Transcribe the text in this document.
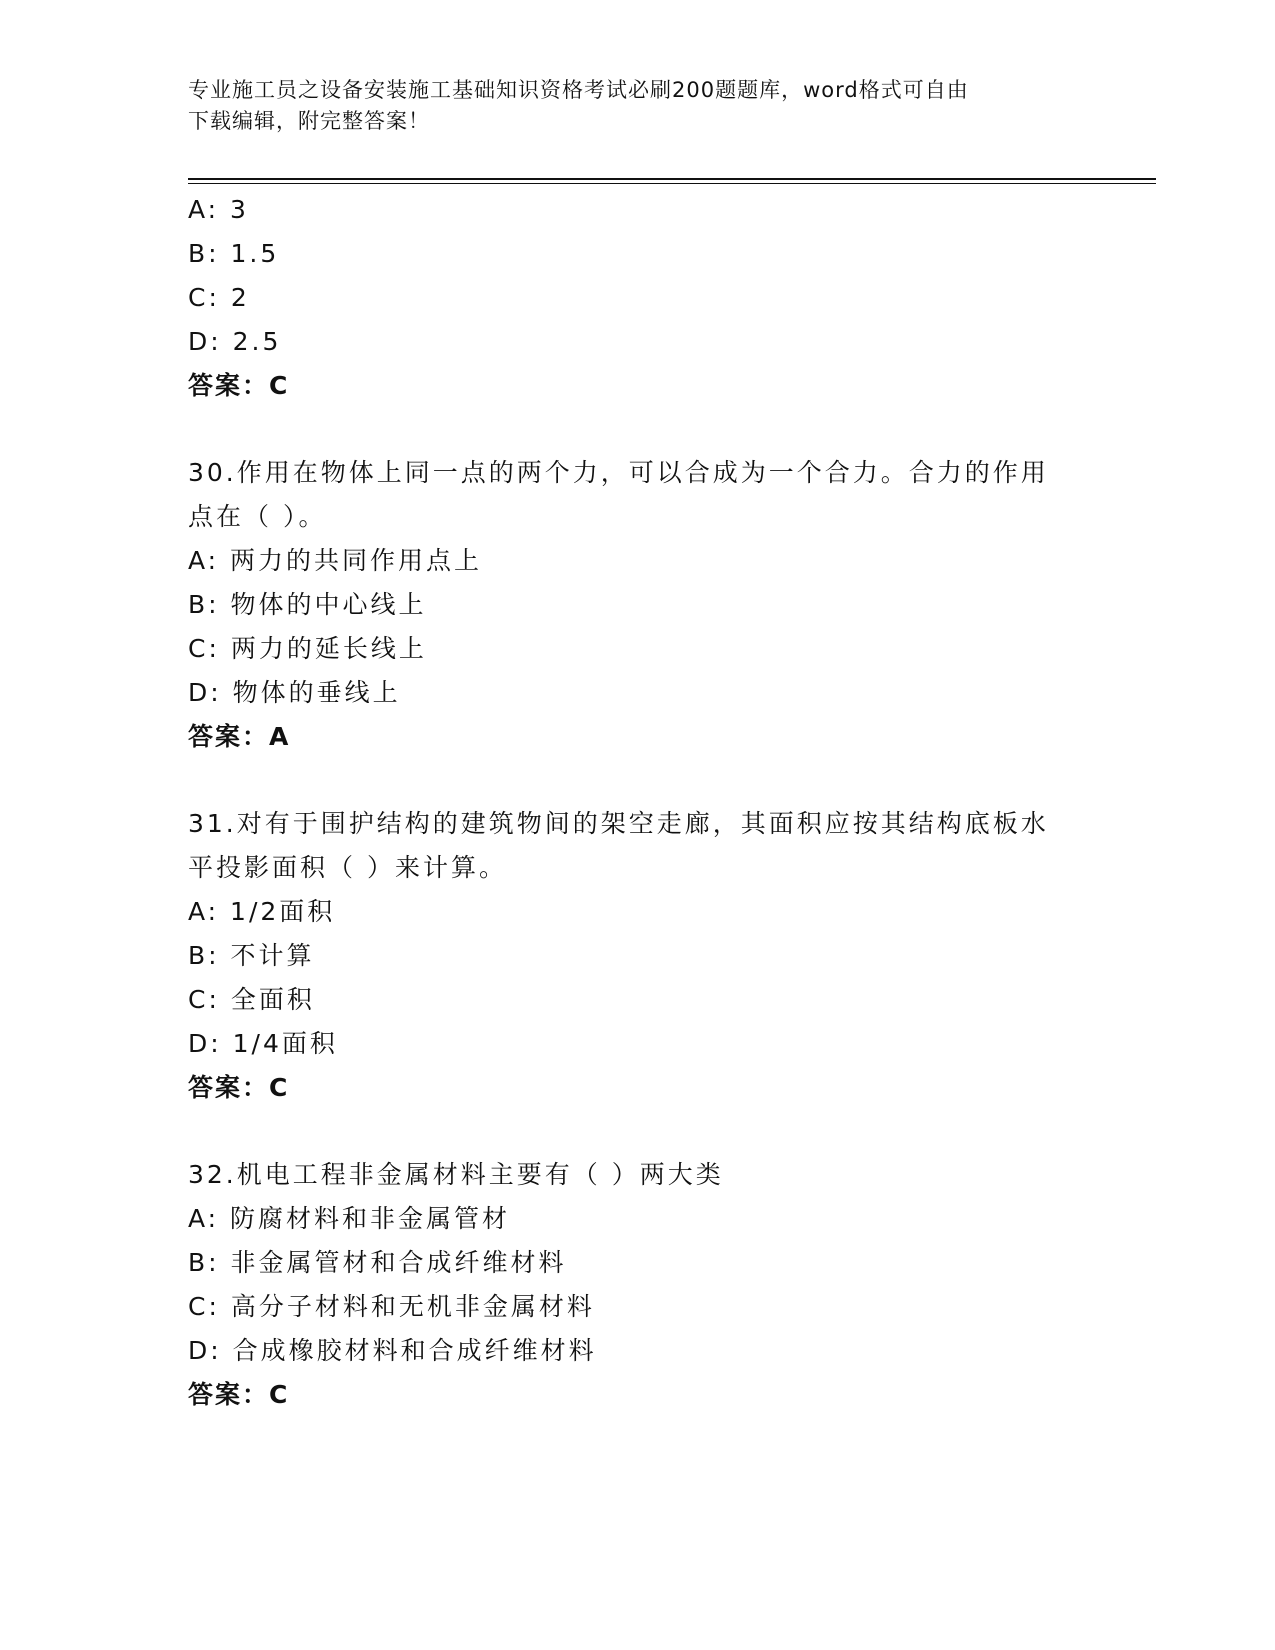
专业施工员之设备安装施工基础知识资格考试必刷200题题库，word格式可自由
下载编辑，附完整答案！
A: 3
B: 1.5
C: 2
D: 2.5
答案：C
30.作用在物体上同一点的两个力，可以合成为一个合力。合力的作用
点在（ ）。
A: 两力的共同作用点上
B: 物体的中心线上
C: 两力的延长线上
D: 物体的垂线上
答案：A
31.对有于围护结构的建筑物间的架空走廊，其面积应按其结构底板水
平投影面积（ ）来计算。
A: 1/2面积
B: 不计算
C: 全面积
D: 1/4面积
答案：C
32.机电工程非金属材料主要有（ ）两大类
A: 防腐材料和非金属管材
B: 非金属管材和合成纤维材料
C: 高分子材料和无机非金属材料
D: 合成橡胶材料和合成纤维材料
答案：C
